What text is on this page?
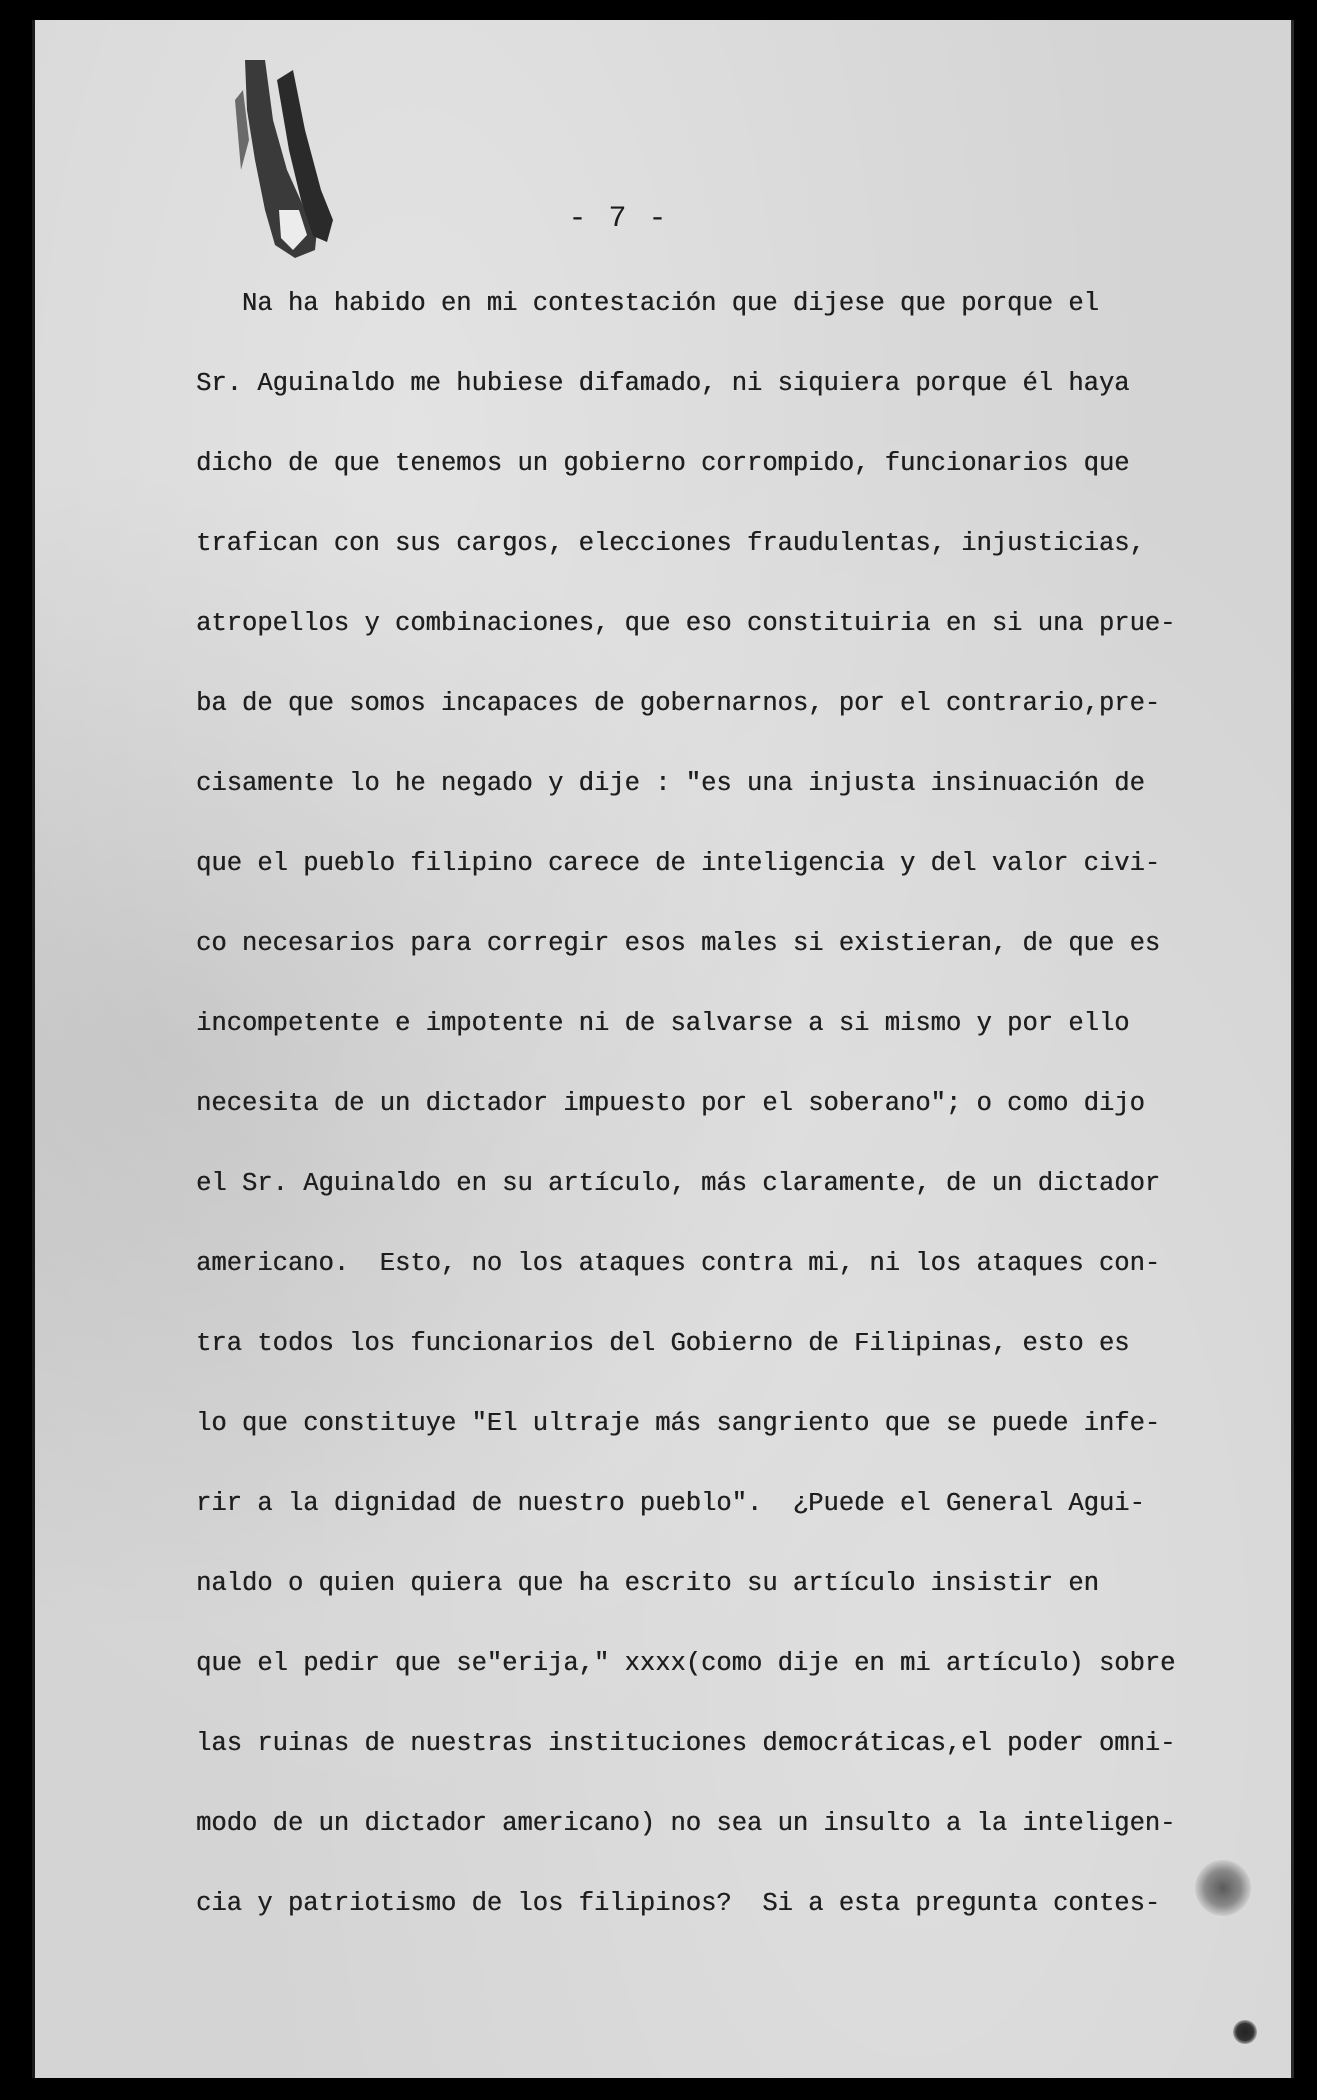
- 7 -
Na ha habido en mi contestación que dijese que porque el
Sr. Aguinaldo me hubiese difamado, ni siquiera porque él haya
dicho de que tenemos un gobierno corrompido, funcionarios que
trafican con sus cargos, elecciones fraudulentas, injusticias,
atropellos y combinaciones, que eso constituiria en si una prue-
ba de que somos incapaces de gobernarnos, por el contrario,pre-
cisamente lo he negado y dije : "es una injusta insinuación de
que el pueblo filipino carece de inteligencia y del valor civi-
co necesarios para corregir esos males si existieran, de que es
incompetente e impotente ni de salvarse a si mismo y por ello
necesita de un dictador impuesto por el soberano"; o como dijo
el Sr. Aguinaldo en su artículo, más claramente, de un dictador
americano.  Esto, no los ataques contra mi, ni los ataques con-
tra todos los funcionarios del Gobierno de Filipinas, esto es
lo que constituye "El ultraje más sangriento que se puede infe-
rir a la dignidad de nuestro pueblo".  ¿Puede el General Agui-
naldo o quien quiera que ha escrito su artículo insistir en
que el pedir que se"erija," xxxx(como dije en mi artículo) sobre
las ruinas de nuestras instituciones democráticas,el poder omni-
modo de un dictador americano) no sea un insulto a la inteligen-
cia y patriotismo de los filipinos?  Si a esta pregunta contes-
